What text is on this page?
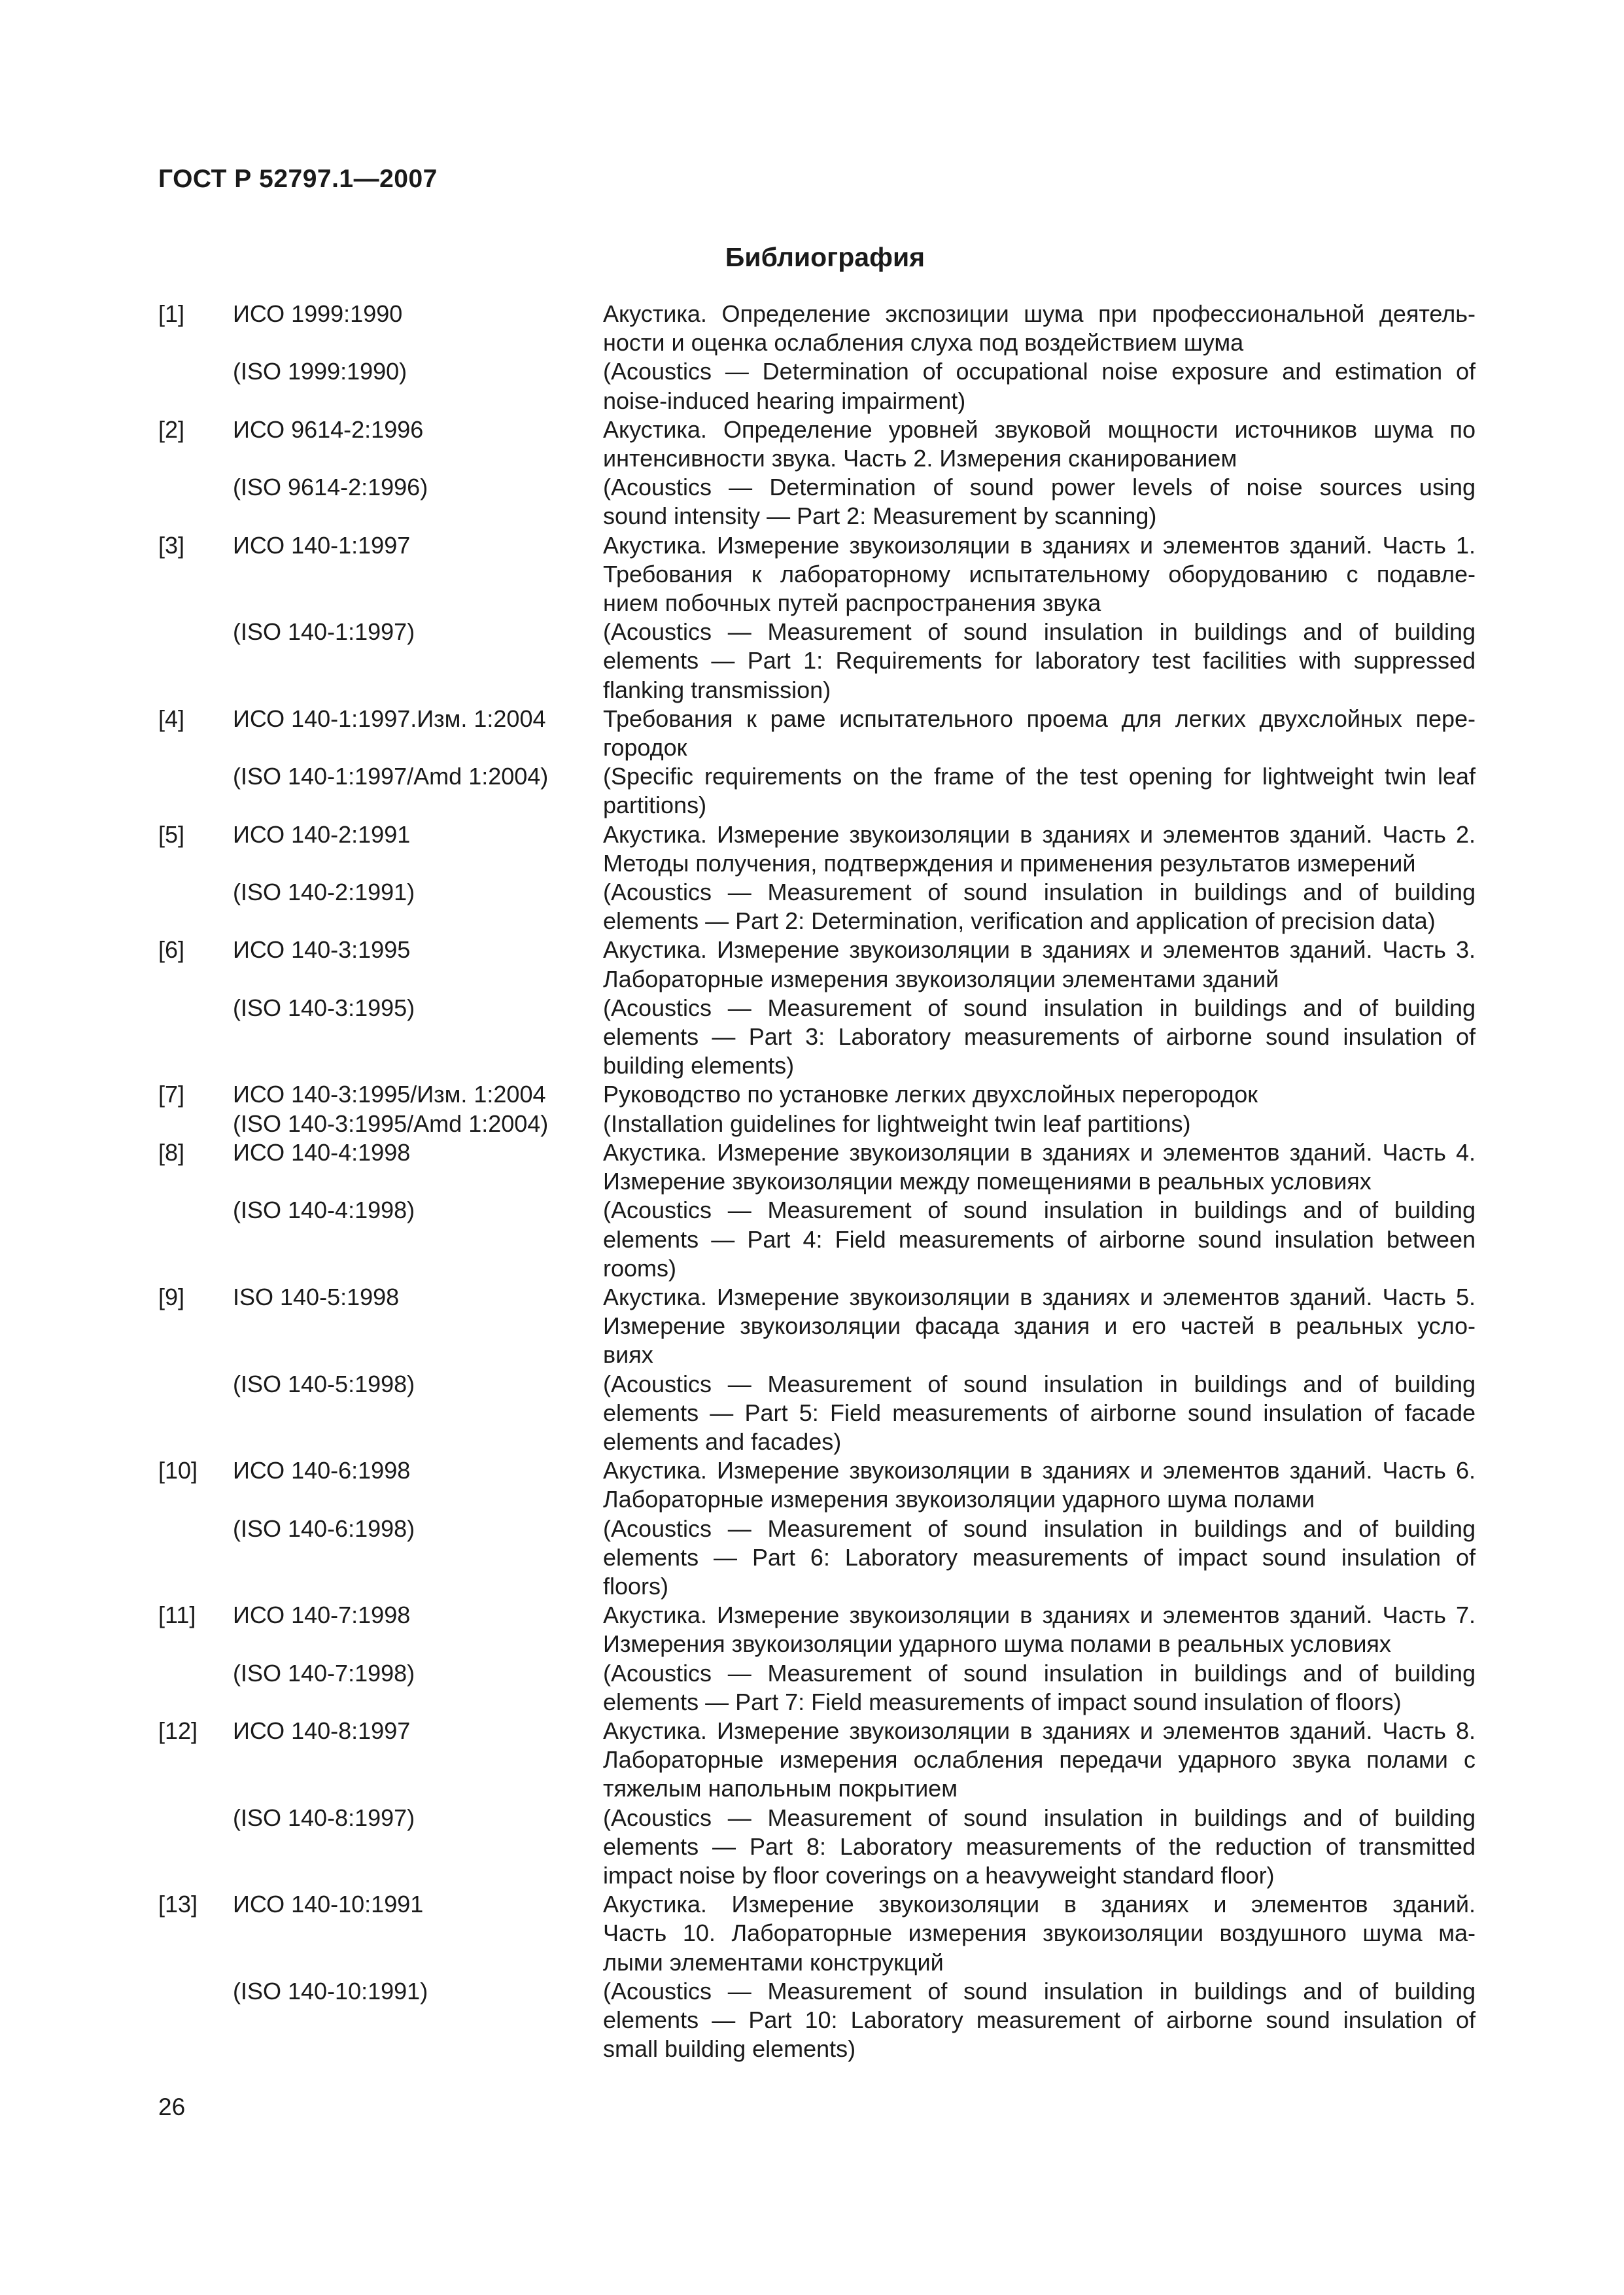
ГОСТ Р 52797.1—2007
Библиография
[1]	ИСО 1999:1990	Акустика. Определение экспозиции шума при профессиональной деятель-
ности и оценка ослабления слуха под воздействием шума
(ISO 1999:1990)	(Acoustics — Determination of occupational noise exposure and estimation of
noise-induced hearing impairment)
[2]	ИСО 9614-2:1996	Акустика. Определение уровней звуковой мощности источников шума по
интенсивности звука. Часть 2. Измерения сканированием
(ISO 9614-2:1996)	(Acoustics — Determination of sound power levels of noise sources using
sound intensity — Part 2: Measurement by scanning)
[3]	ИСО 140-1:1997	Акустика. Измерение звукоизоляции в зданиях и элементов зданий. Часть 1.
Требования к лабораторному испытательному оборудованию с подавле-
нием побочных путей распространения звука
(ISO 140-1:1997)	(Acoustics — Measurement of sound insulation in buildings and of building
elements — Part 1: Requirements for laboratory test facilities with suppressed
flanking transmission)
[4]	ИСО 140-1:1997.Изм. 1:2004	Требования к раме испытательного проема для легких двухслойных пере-
городок
(ISO 140-1:1997/Amd 1:2004)	(Specific requirements on the frame of the test opening for lightweight twin leaf
partitions)
[5]	ИСО 140-2:1991	Акустика. Измерение звукоизоляции в зданиях и элементов зданий. Часть 2.
Методы получения, подтверждения и применения результатов измерений
(ISO 140-2:1991)	(Acoustics — Measurement of sound insulation in buildings and of building
elements — Part 2: Determination, verification and application of precision data)
[6]	ИСО 140-3:1995	Акустика. Измерение звукоизоляции в зданиях и элементов зданий. Часть 3.
Лабораторные измерения звукоизоляции элементами зданий
(ISO 140-3:1995)	(Acoustics — Measurement of sound insulation in buildings and of building
elements — Part 3: Laboratory measurements of airborne sound insulation of
building elements)
[7]	ИСО 140-3:1995/Изм. 1:2004	Руководство по установке легких двухслойных перегородок
(ISO 140-3:1995/Amd 1:2004)	(Installation guidelines for lightweight twin leaf partitions)
[8]	ИСО 140-4:1998	Акустика. Измерение звукоизоляции в зданиях и элементов зданий. Часть 4.
Измерение звукоизоляции между помещениями в реальных условиях
(ISO 140-4:1998)	(Acoustics — Measurement of sound insulation in buildings and of building
elements — Part 4: Field measurements of airborne sound insulation between
rooms)
[9]	ISO 140-5:1998	Акустика. Измерение звукоизоляции в зданиях и элементов зданий. Часть 5.
Измерение звукоизоляции фасада здания и его частей в реальных усло-
виях
(ISO 140-5:1998)	(Acoustics — Measurement of sound insulation in buildings and of building
elements — Part 5: Field measurements of airborne sound insulation of facade
elements and facades)
[10]	ИСО 140-6:1998	Акустика. Измерение звукоизоляции в зданиях и элементов зданий. Часть 6.
Лабораторные измерения звукоизоляции ударного шума полами
(ISO 140-6:1998)	(Acoustics — Measurement of sound insulation in buildings and of building
elements — Part 6: Laboratory measurements of impact sound insulation of
floors)
[11]	ИСО 140-7:1998	Акустика. Измерение звукоизоляции в зданиях и элементов зданий. Часть 7.
Измерения звукоизоляции ударного шума полами в реальных условиях
(ISO 140-7:1998)	(Acoustics — Measurement of sound insulation in buildings and of building
elements — Part 7: Field measurements of impact sound insulation of floors)
[12]	ИСО 140-8:1997	Акустика. Измерение звукоизоляции в зданиях и элементов зданий. Часть 8.
Лабораторные измерения ослабления передачи ударного звука полами с
тяжелым напольным покрытием
(ISO 140-8:1997)	(Acoustics — Measurement of sound insulation in buildings and of building
elements — Part 8: Laboratory measurements of the reduction of transmitted
impact noise by floor coverings on a heavyweight standard floor)
[13]	ИСО 140-10:1991	Акустика. Измерение звукоизоляции в зданиях и элементов зданий.
Часть 10. Лабораторные измерения звукоизоляции воздушного шума ма-
лыми элементами конструкций
(ISO 140-10:1991)	(Acoustics — Measurement of sound insulation in buildings and of building
elements — Part 10: Laboratory measurement of airborne sound insulation of
small building elements)
26
